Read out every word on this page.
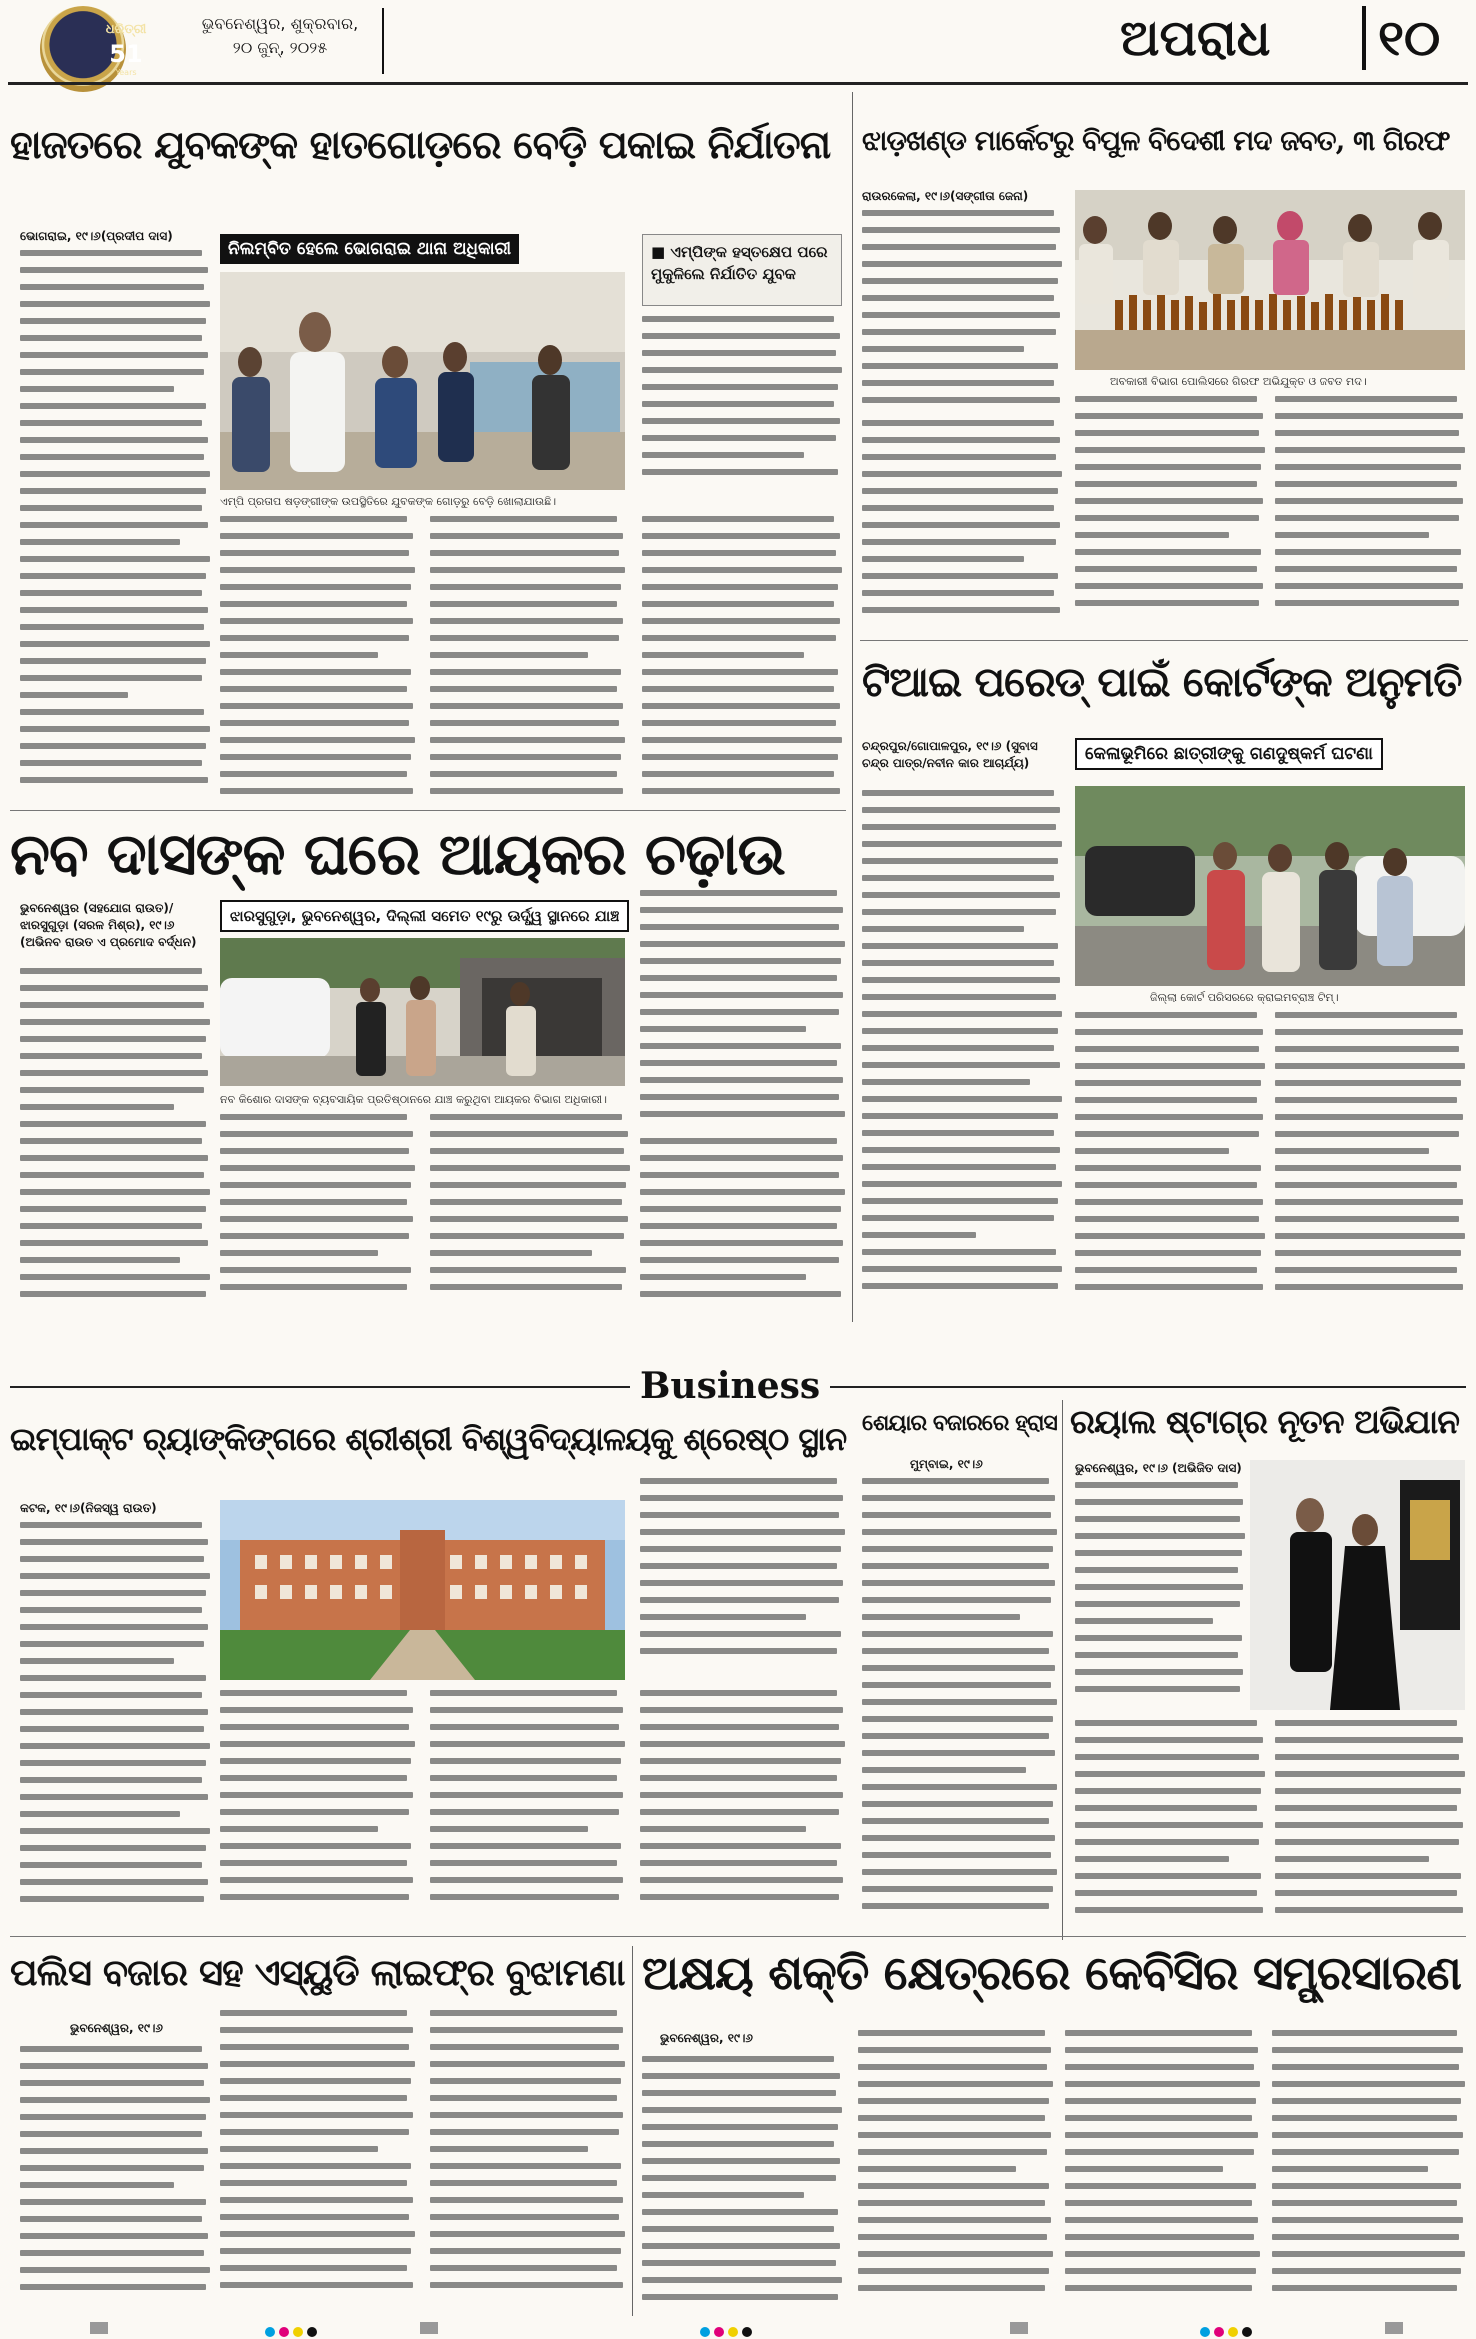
ଧରିତ୍ରୀ
51
Years
ଭୁବନେଶ୍ୱର, ଶୁକ୍ରବାର,
୨୦ ଜୁନ୍‌, ୨୦୨୫	ଅପରାଧ ୧୦
ହାଜତରେ ଯୁବକଙ୍କ ହାତଗୋଡ଼ରେ ବେଡ଼ି ପକାଇ ନିର୍ଯାତନା
ଭୋଗରାଇ, ୧୯।୬(ପ୍ରଦୀପ ଦାସ)
ନିଲମ୍ବିତ ହେଲେ ଭୋଗରାଇ ଥାନା ଅଧିକାରୀ
ଏମ୍‌ପି ପ୍ରତାପ ଷଡ଼ଙ୍ଗୀଙ୍କ ଉପସ୍ଥିତିରେ ଯୁବକଙ୍କ ଗୋଡ଼ରୁ ବେଡ଼ି ଖୋଲାଯାଉଛି।
■ ଏମ୍‌ପିଙ୍କ ହସ୍ତକ୍ଷେପ ପରେ
ମୁକୁଳିଲେ ନିର୍ଯାତିତ ଯୁବକ
ଝାଡ଼ଖଣ୍ଡ ମାର୍କେଟରୁ ବିପୁଳ ବିଦେଶୀ ମଦ ଜବତ, ୩ ଗିରଫ
ରାଉରକେଲା, ୧୯।୬(ସଙ୍ଗୀତା ଜେନା)
ଅବକାରୀ ବିଭାଗ ପୋଲିସରେ ଗିରଫ ଅଭିଯୁକ୍ତ ଓ ଜବତ ମଦ।
ଟିଆଇ ପରେଡ୍ ପାଇଁ କୋର୍ଟଙ୍କ ଅନୁମତି
ଚନ୍ଦ୍ରପୁର/ଗୋପାଳପୁର, ୧୯।୬ (ସୁବାସ ଚନ୍ଦ୍ର ପାତ୍ର/ନବୀନ କାର ଆଚାର୍ଯ୍ୟ)	କେଳାଭୂମିରେ ଛାତ୍ରୀଙ୍କୁ ଗଣଦୁଷ୍କର୍ମ ଘଟଣା
ଜିଲ୍ଲା କୋର୍ଟ ପରିସରରେ କ୍ରାଇମବ୍ରାଞ୍ଚ ଟିମ୍।
ନବ ଦାସଙ୍କ ଘରେ ଆୟକର ଚଢ଼ାଉ
ଭୁବନେଶ୍ୱର (ସହଯୋଗ ରାଉତ)/ ଝାରସୁଗୁଡ଼ା (ସରଳ ମିଶ୍ର), ୧୯।୬ (ଅଭିନବ ରାଉତ ଏ ପ୍ରମୋଦ ବର୍ଦ୍ଧନ)
ଝାରସୁଗୁଡ଼ା, ଭୁବନେଶ୍ୱର, ଦିଲ୍ଲୀ ସମେତ ୧୯ରୁ ଊର୍ଦ୍ଧ୍ୱ ସ୍ଥାନରେ ଯାଞ୍ଚ
ନବ କିଶୋର ଦାସଙ୍କ ବ୍ୟବସାୟିକ ପ୍ରତିଷ୍ଠାନରେ ଯାଞ୍ଚ କରୁଥିବା ଆୟକର ବିଭାଗ ଅଧିକାରୀ।
Business
ଇମ୍ପାକ୍ଟ ର୍‍ୟାଙ୍କିଙ୍ଗରେ ଶ୍ରୀଶ୍ରୀ ବିଶ୍ୱବିଦ୍ୟାଳୟକୁ ଶ୍ରେଷ୍ଠ ସ୍ଥାନ
କଟକ, ୧୯।୬(ନିଜସ୍ୱ ରାଉତ)
ଶେୟାର ବଜାରରେ ହ୍ରାସ
ମୁମ୍ବାଇ, ୧୯।୬
ରୟାଲ ଷ୍ଟାଗ୍‌ର ନୂତନ ଅଭିଯାନ
ଭୁବନେଶ୍ୱର, ୧୯।୬ (ଅଭିଜିତ ଦାସ)
ପଲିସ ବଜାର ସହ ଏସ୍‌ୟୁଡି ଲାଇଫ୍‌ର ବୁଝାମଣା
ଭୁବନେଶ୍ୱର, ୧୯।୬
ଅକ୍ଷୟ ଶକ୍ତି କ୍ଷେତ୍ରରେ କେବିସିର ସମ୍ପ୍ରସାରଣ
ଭୁବନେଶ୍ୱର, ୧୯।୬
